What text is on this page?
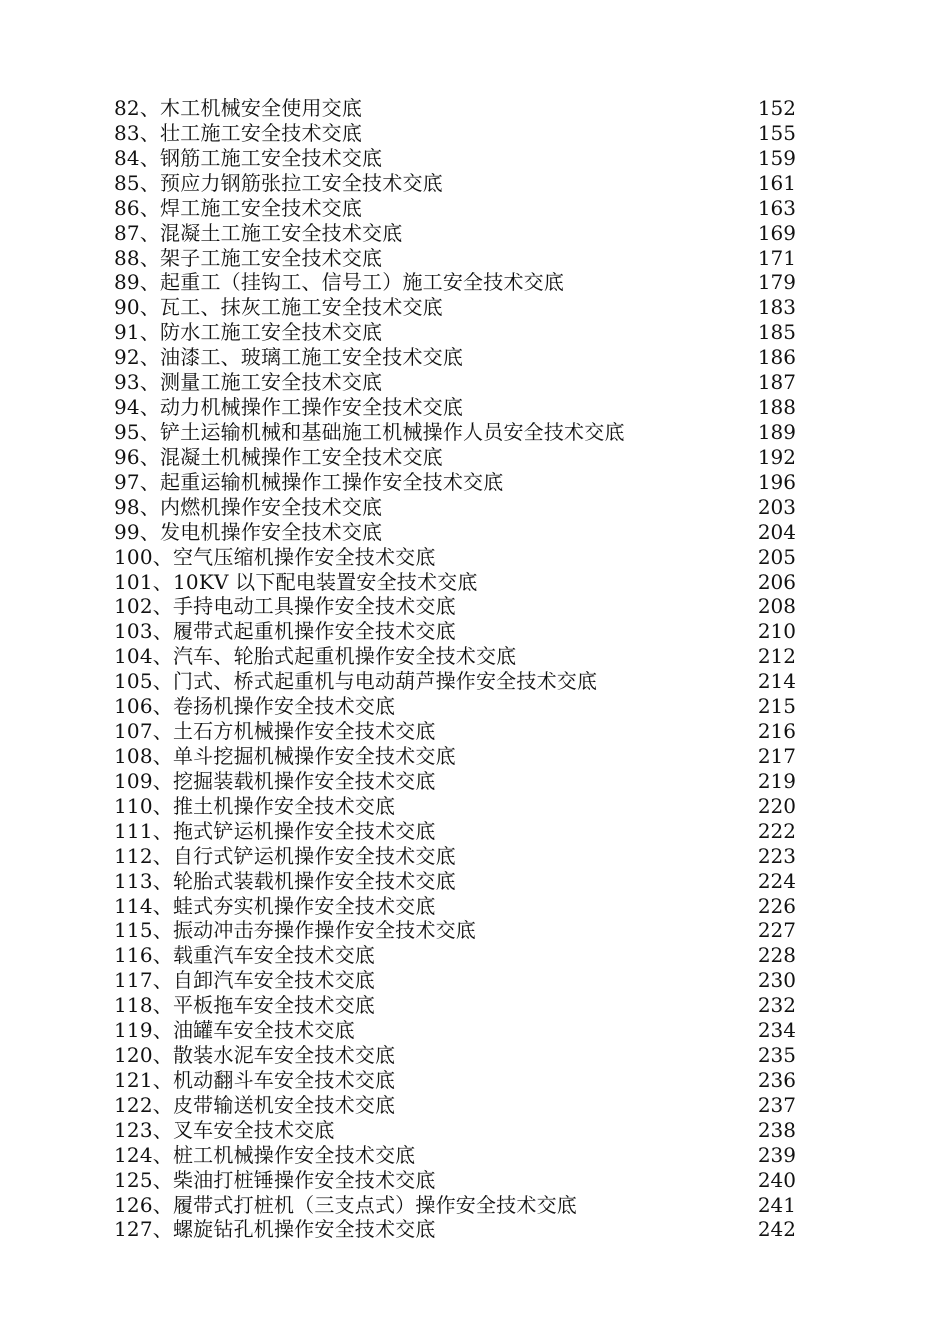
82、木工机械安全使用交底	152
83、壮工施工安全技术交底	155
84、钢筋工施工安全技术交底	159
85、预应力钢筋张拉工安全技术交底	161
86、焊工施工安全技术交底	163
87、混凝土工施工安全技术交底	169
88、架子工施工安全技术交底	171
89、起重工（挂钩工、信号工）施工安全技术交底	179
90、瓦工、抹灰工施工安全技术交底	183
91、防水工施工安全技术交底	185
92、油漆工、玻璃工施工安全技术交底	186
93、测量工施工安全技术交底	187
94、动力机械操作工操作安全技术交底	188
95、铲土运输机械和基础施工机械操作人员安全技术交底	189
96、混凝土机械操作工安全技术交底	192
97、起重运输机械操作工操作安全技术交底	196
98、内燃机操作安全技术交底	203
99、发电机操作安全技术交底	204
100、空气压缩机操作安全技术交底	205
101、10KV 以下配电装置安全技术交底	206
102、手持电动工具操作安全技术交底	208
103、履带式起重机操作安全技术交底	210
104、汽车、轮胎式起重机操作安全技术交底	212
105、门式、桥式起重机与电动葫芦操作安全技术交底	214
106、卷扬机操作安全技术交底	215
107、土石方机械操作安全技术交底	216
108、单斗挖掘机械操作安全技术交底	217
109、挖掘装载机操作安全技术交底	219
110、推土机操作安全技术交底	220
111、拖式铲运机操作安全技术交底	222
112、自行式铲运机操作安全技术交底	223
113、轮胎式装载机操作安全技术交底	224
114、蛙式夯实机操作安全技术交底	226
115、振动冲击夯操作操作安全技术交底	227
116、载重汽车安全技术交底	228
117、自卸汽车安全技术交底	230
118、平板拖车安全技术交底	232
119、油罐车安全技术交底	234
120、散装水泥车安全技术交底	235
121、机动翻斗车安全技术交底	236
122、皮带输送机安全技术交底	237
123、叉车安全技术交底	238
124、桩工机械操作安全技术交底	239
125、柴油打桩锤操作安全技术交底	240
126、履带式打桩机（三支点式）操作安全技术交底	241
127、螺旋钻孔机操作安全技术交底	242
